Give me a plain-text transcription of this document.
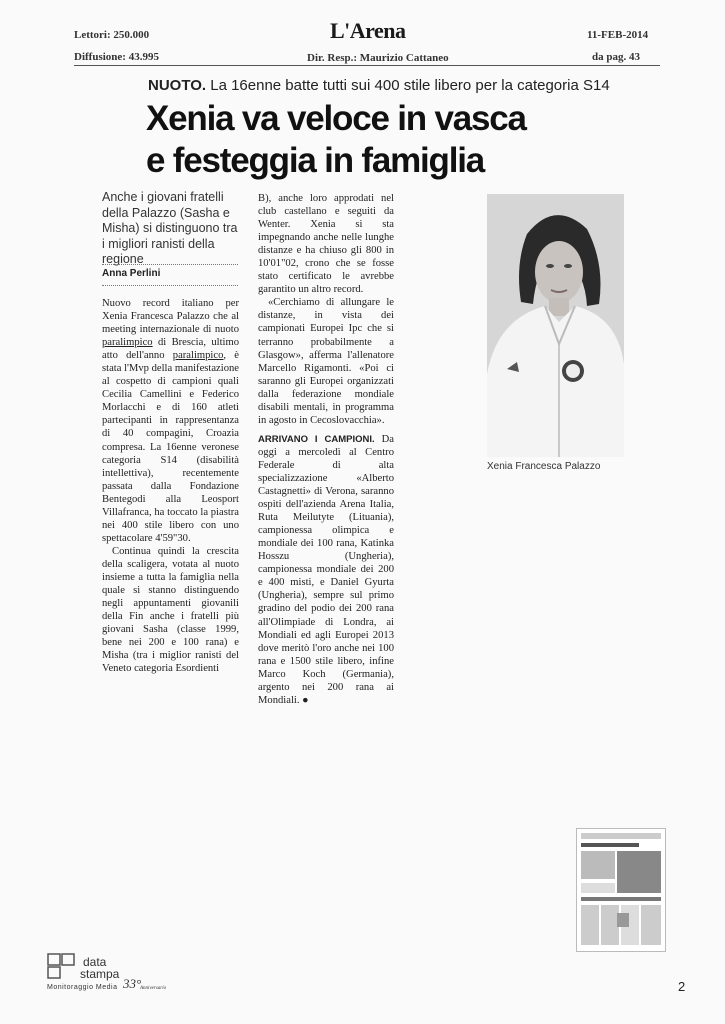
Lettori: 250.000
Diffusione: 43.995
L'Arena
Dir. Resp.: Maurizio Cattaneo
11-FEB-2014
da pag. 43
NUOTO. La 16enne batte tutti sui 400 stile libero per la categoria S14
Xenia va veloce in vasca
e festeggia in famiglia
Anche i giovani fratelli della Palazzo (Sasha e Misha) si distinguono tra i migliori ranisti della regione
Anna Perlini

Nuovo record italiano per Xenia Francesca Palazzo che al meeting internazionale di nuoto paralimpico di Brescia, ultimo atto dell'anno paralimpico, è stata l'Mvp della manifestazione al cospetto di campioni quali Cecilia Camellini e Federico Morlacchi e di 160 atleti partecipanti in rappresentanza di 40 compagini, Croazia compresa. La 16enne veronese categoria S14 (disabilità intellettiva), recentemente passata dalla Fondazione Bentegodi alla Leosport Villafranca, ha toccato la piastra nei 400 stile libero con uno spettacolare 4'59"30.

Continua quindi la crescita della scaligera, votata al nuoto insieme a tutta la famiglia nella quale si stanno distinguendo negli appuntamenti giovanili della Fin anche i fratelli più giovani Sasha (classe 1999, bene nei 200 e 100 rana) e Misha (tra i miglior ranisti del Veneto categoria Esordienti

B), anche loro approdati nel club castellano e seguiti da Wenter. Xenia si sta impegnando anche nelle lunghe distanze e ha chiuso gli 800 in 10'01"02, crono che se fosse stato certificato le avrebbe garantito un altro record.

«Cerchiamo di allungare le distanze, in vista dei campionati Europei Ipc che si terranno probabilmente a Glasgow», afferma l'allenatore Marcello Rigamonti. «Poi ci saranno gli Europei organizzati dalla federazione mondiale disabili mentali, in programma in agosto in Cecoslovacchia».

ARRIVANO I CAMPIONI. Da oggi a mercoledì al Centro Federale di alta specializzazione «Alberto Castagnetti» di Verona, saranno ospiti dell'azienda Arena Italia, Ruta Meilutyte (Lituania), campionessa olimpica e mondiale dei 100 rana, Katinka Hosszu (Ungheria), campionessa mondiale dei 200 e 400 misti, e Daniel Gyurta (Ungheria), sempre sul primo gradino del podio dei 200 rana all'Olimpiade di Londra, ai Mondiali ed agli Europei 2013 dove meritò l'oro anche nei 100 rana e 1500 stile libero, infine Marco Koch (Germania), argento nei 200 rana ai Mondiali. ●

Xenia Francesca Palazzo
data
stampa
Monitoraggio Media 33°
Anniversario	2
